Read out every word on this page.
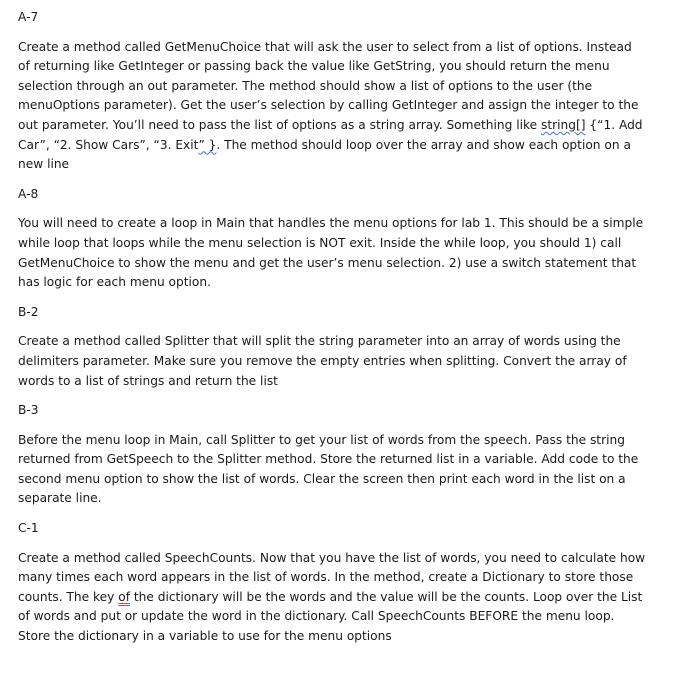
A-7

Create a method called GetMenuChoice that will ask the user to select from a list of options. Instead of returning like GetInteger or passing back the value like GetString, you should return the menu selection through an out parameter. The method should show a list of options to the user (the menuOptions parameter). Get the user’s selection by calling GetInteger and assign the integer to the out parameter. You’ll need to pass the list of options as a string array. Something like string[] {“1. Add Car”, “2. Show Cars”, “3. Exit” }. The method should loop over the array and show each option on a new line

A-8

You will need to create a loop in Main that handles the menu options for lab 1. This should be a simple while loop that loops while the menu selection is NOT exit. Inside the while loop, you should 1) call GetMenuChoice to show the menu and get the user’s menu selection. 2) use a switch statement that has logic for each menu option.

B-2

Create a method called Splitter that will split the string parameter into an array of words using the delimiters parameter. Make sure you remove the empty entries when splitting. Convert the array of words to a list of strings and return the list

B-3

Before the menu loop in Main, call Splitter to get your list of words from the speech. Pass the string returned from GetSpeech to the Splitter method. Store the returned list in a variable. Add code to the second menu option to show the list of words. Clear the screen then print each word in the list on a separate line.

C-1

Create a method called SpeechCounts. Now that you have the list of words, you need to calculate how many times each word appears in the list of words. In the method, create a Dictionary to store those counts. The key of the dictionary will be the words and the value will be the counts. Loop over the List of words and put or update the word in the dictionary. Call SpeechCounts BEFORE the menu loop. Store the dictionary in a variable to use for the menu options
